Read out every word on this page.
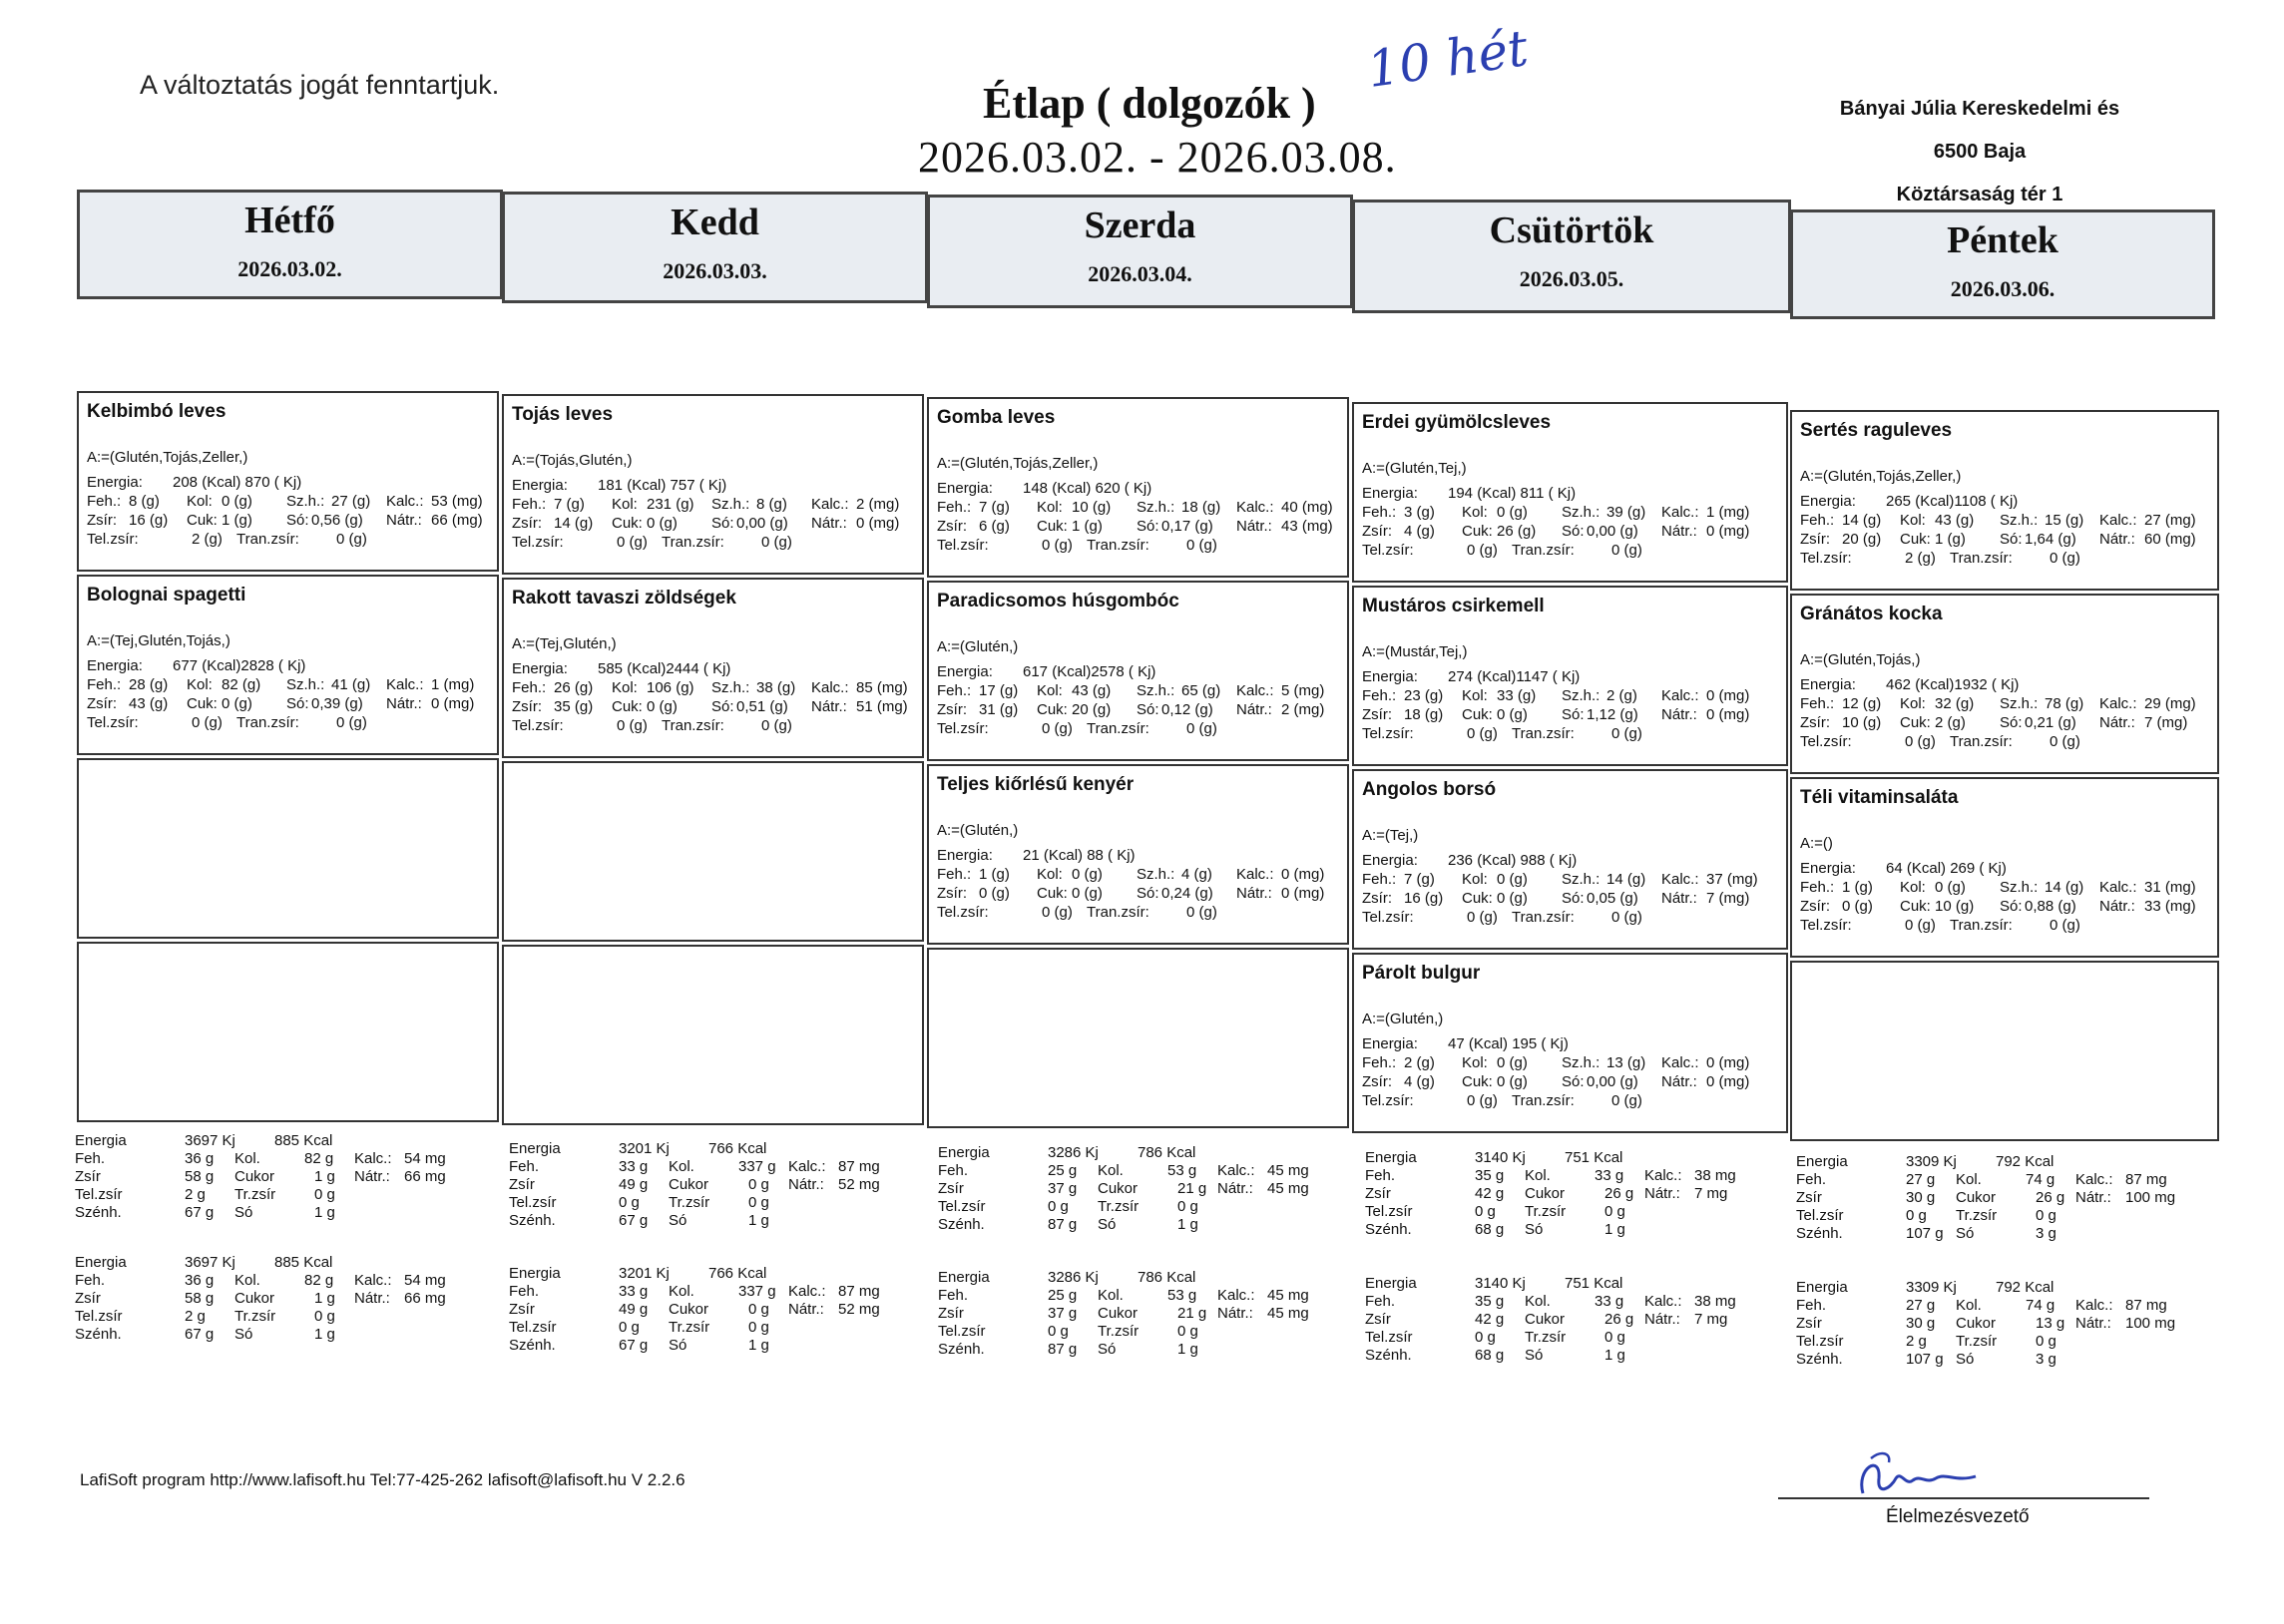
A változtatás jogát fenntartjuk.	Étlap ( dolgozók )
2026.03.02. - 2026.03.08.
10 hét
Bányai Júlia Kereskedelmi és
6500 Baja
Köztársaság tér 1
Hétfő
2026.03.02.
Kedd
2026.03.03.
Szerda
2026.03.04.
Csütörtök
2026.03.05.
Péntek
2026.03.06.
Kelbimbó leves
A:=(Glutén,Tojás,Zeller,)
Energia: 208 (Kcal) 870 ( Kj)
Feh.: 8 (g) Kol: 0 (g) Sz.h.: 27 (g) Kalc.: 53 (mg)
Zsír: 16 (g) Cuk: 1 (g) Só: 0,56 (g) Nátr.: 66 (mg)
Tel.zsír:	2 (g) Tran.zsír: 0 (g)
Bolognai spagetti
A:=(Tej,Glutén,Tojás,)
Energia: 677 (Kcal)2828 ( Kj)
Feh.: 28 (g) Kol: 82 (g) Sz.h.: 41 (g) Kalc.: 1 (mg)
Zsír: 43 (g) Cuk: 0 (g) Só: 0,39 (g) Nátr.: 0 (mg)
Tel.zsír:	0 (g) Tran.zsír: 0 (g)
Tojás leves
A:=(Tojás,Glutén,)
Energia: 181 (Kcal) 757 ( Kj)
Feh.: 7 (g) Kol: 231 (g) Sz.h.: 8 (g) Kalc.: 2 (mg)
Zsír: 14 (g) Cuk: 0 (g) Só: 0,00 (g) Nátr.: 0 (mg)
Tel.zsír:	0 (g) Tran.zsír: 0 (g)
Rakott tavaszi zöldségek
A:=(Tej,Glutén,)
Energia: 585 (Kcal)2444 ( Kj)
Feh.: 26 (g) Kol: 106 (g) Sz.h.: 38 (g) Kalc.: 85 (mg)
Zsír: 35 (g) Cuk: 0 (g) Só: 0,51 (g) Nátr.: 51 (mg)
Tel.zsír:	0 (g) Tran.zsír: 0 (g)
Gomba leves
A:=(Glutén,Tojás,Zeller,)
Energia: 148 (Kcal) 620 ( Kj)
Feh.: 7 (g) Kol: 10 (g) Sz.h.: 18 (g) Kalc.: 40 (mg)
Zsír: 6 (g) Cuk: 1 (g) Só: 0,17 (g) Nátr.: 43 (mg)
Tel.zsír:	0 (g) Tran.zsír: 0 (g)
Paradicsomos húsgombóc
A:=(Glutén,)
Energia: 617 (Kcal)2578 ( Kj)
Feh.: 17 (g) Kol: 43 (g) Sz.h.: 65 (g) Kalc.: 5 (mg)
Zsír: 31 (g) Cuk: 20 (g) Só: 0,12 (g) Nátr.: 2 (mg)
Tel.zsír:	0 (g) Tran.zsír: 0 (g)
Teljes kiőrlésű kenyér
A:=(Glutén,)
Energia: 21 (Kcal) 88 ( Kj)
Feh.: 1 (g) Kol: 0 (g) Sz.h.: 4 (g) Kalc.: 0 (mg)
Zsír: 0 (g) Cuk: 0 (g) Só: 0,24 (g) Nátr.: 0 (mg)
Tel.zsír:	0 (g) Tran.zsír: 0 (g)
Erdei gyümölcsleves
A:=(Glutén,Tej,)
Energia: 194 (Kcal) 811 ( Kj)
Feh.: 3 (g) Kol: 0 (g) Sz.h.: 39 (g) Kalc.: 1 (mg)
Zsír: 4 (g) Cuk: 26 (g) Só: 0,00 (g) Nátr.: 0 (mg)
Tel.zsír:	0 (g) Tran.zsír: 0 (g)
Mustáros csirkemell
A:=(Mustár,Tej,)
Energia: 274 (Kcal)1147 ( Kj)
Feh.: 23 (g) Kol: 33 (g) Sz.h.: 2 (g) Kalc.: 0 (mg)
Zsír: 18 (g) Cuk: 0 (g) Só: 1,12 (g) Nátr.: 0 (mg)
Tel.zsír:	0 (g) Tran.zsír: 0 (g)
Angolos borsó
A:=(Tej,)
Energia: 236 (Kcal) 988 ( Kj)
Feh.: 7 (g) Kol: 0 (g) Sz.h.: 14 (g) Kalc.: 37 (mg)
Zsír: 16 (g) Cuk: 0 (g) Só: 0,05 (g) Nátr.: 7 (mg)
Tel.zsír:	0 (g) Tran.zsír: 0 (g)
Párolt bulgur
A:=(Glutén,)
Energia: 47 (Kcal) 195 ( Kj)
Feh.: 2 (g) Kol: 0 (g) Sz.h.: 13 (g) Kalc.: 0 (mg)
Zsír: 4 (g) Cuk: 0 (g) Só: 0,00 (g) Nátr.: 0 (mg)
Tel.zsír:	0 (g) Tran.zsír: 0 (g)
Sertés raguleves
A:=(Glutén,Tojás,Zeller,)
Energia: 265 (Kcal)1108 ( Kj)
Feh.: 14 (g) Kol: 43 (g) Sz.h.: 15 (g) Kalc.: 27 (mg)
Zsír: 20 (g) Cuk: 1 (g) Só: 1,64 (g) Nátr.: 60 (mg)
Tel.zsír:	2 (g) Tran.zsír: 0 (g)
Gránátos kocka
A:=(Glutén,Tojás,)
Energia: 462 (Kcal)1932 ( Kj)
Feh.: 12 (g) Kol: 32 (g) Sz.h.: 78 (g) Kalc.: 29 (mg)
Zsír: 10 (g) Cuk: 2 (g) Só: 0,21 (g) Nátr.: 7 (mg)
Tel.zsír:	0 (g) Tran.zsír: 0 (g)
Téli vitaminsaláta
A:=()
Energia: 64 (Kcal) 269 ( Kj)
Feh.: 1 (g) Kol: 0 (g) Sz.h.: 14 (g) Kalc.: 31 (mg)
Zsír: 0 (g) Cuk: 10 (g) Só: 0,88 (g) Nátr.: 33 (mg)
Tel.zsír:	0 (g) Tran.zsír: 0 (g)
Energia	3697 Kj	885 Kcal
Feh.	36 g Kol.	82 g Kalc.: 54 mg
Zsír	58 g Cukor	1 g Nátr.: 66 mg
Tel.zsír	2 g Tr.zsír	0 g
Szénh.	67 g Só	1 g
Energia	3201 Kj	766 Kcal
Feh.	33 g Kol.	337 g Kalc.: 87 mg
Zsír	49 g Cukor	0 g Nátr.: 52 mg
Tel.zsír	0 g Tr.zsír	0 g
Szénh.	67 g Só	1 g
Energia	3286 Kj	786 Kcal
Feh.	25 g Kol.	53 g Kalc.: 45 mg
Zsír	37 g Cukor	21 g Nátr.: 45 mg
Tel.zsír	0 g Tr.zsír	0 g
Szénh.	87 g Só	1 g
Energia	3140 Kj	751 Kcal
Feh.	35 g Kol.	33 g Kalc.: 38 mg
Zsír	42 g Cukor	26 g Nátr.: 7 mg
Tel.zsír	0 g Tr.zsír	0 g
Szénh.	68 g Só	1 g
Energia	3309 Kj	792 Kcal
Feh.	27 g Kol.	74 g Kalc.: 87 mg
Zsír	30 g Cukor	26 g Nátr.: 100 mg
Tel.zsír	0 g Tr.zsír	0 g
Szénh.	107 g Só	3 g
Energia	3697 Kj	885 Kcal
Feh.	36 g Kol.	82 g Kalc.: 54 mg
Zsír	58 g Cukor	1 g Nátr.: 66 mg
Tel.zsír	2 g Tr.zsír	0 g
Szénh.	67 g Só	1 g
Energia	3201 Kj	766 Kcal
Feh.	33 g Kol.	337 g Kalc.: 87 mg
Zsír	49 g Cukor	0 g Nátr.: 52 mg
Tel.zsír	0 g Tr.zsír	0 g
Szénh.	67 g Só	1 g
Energia	3286 Kj	786 Kcal
Feh.	25 g Kol.	53 g Kalc.: 45 mg
Zsír	37 g Cukor	21 g Nátr.: 45 mg
Tel.zsír	0 g Tr.zsír	0 g
Szénh.	87 g Só	1 g
Energia	3140 Kj	751 Kcal
Feh.	35 g Kol.	33 g Kalc.: 38 mg
Zsír	42 g Cukor	26 g Nátr.: 7 mg
Tel.zsír	0 g Tr.zsír	0 g
Szénh.	68 g Só	1 g
Energia	3309 Kj	792 Kcal
Feh.	27 g Kol.	74 g Kalc.: 87 mg
Zsír	30 g Cukor	13 g Nátr.: 100 mg
Tel.zsír	2 g Tr.zsír	0 g
Szénh.	107 g Só	3 g
LafiSoft program http://www.lafisoft.hu Tel:77-425-262 lafisoft@lafisoft.hu V 2.2.6
Élelmezésvezető
